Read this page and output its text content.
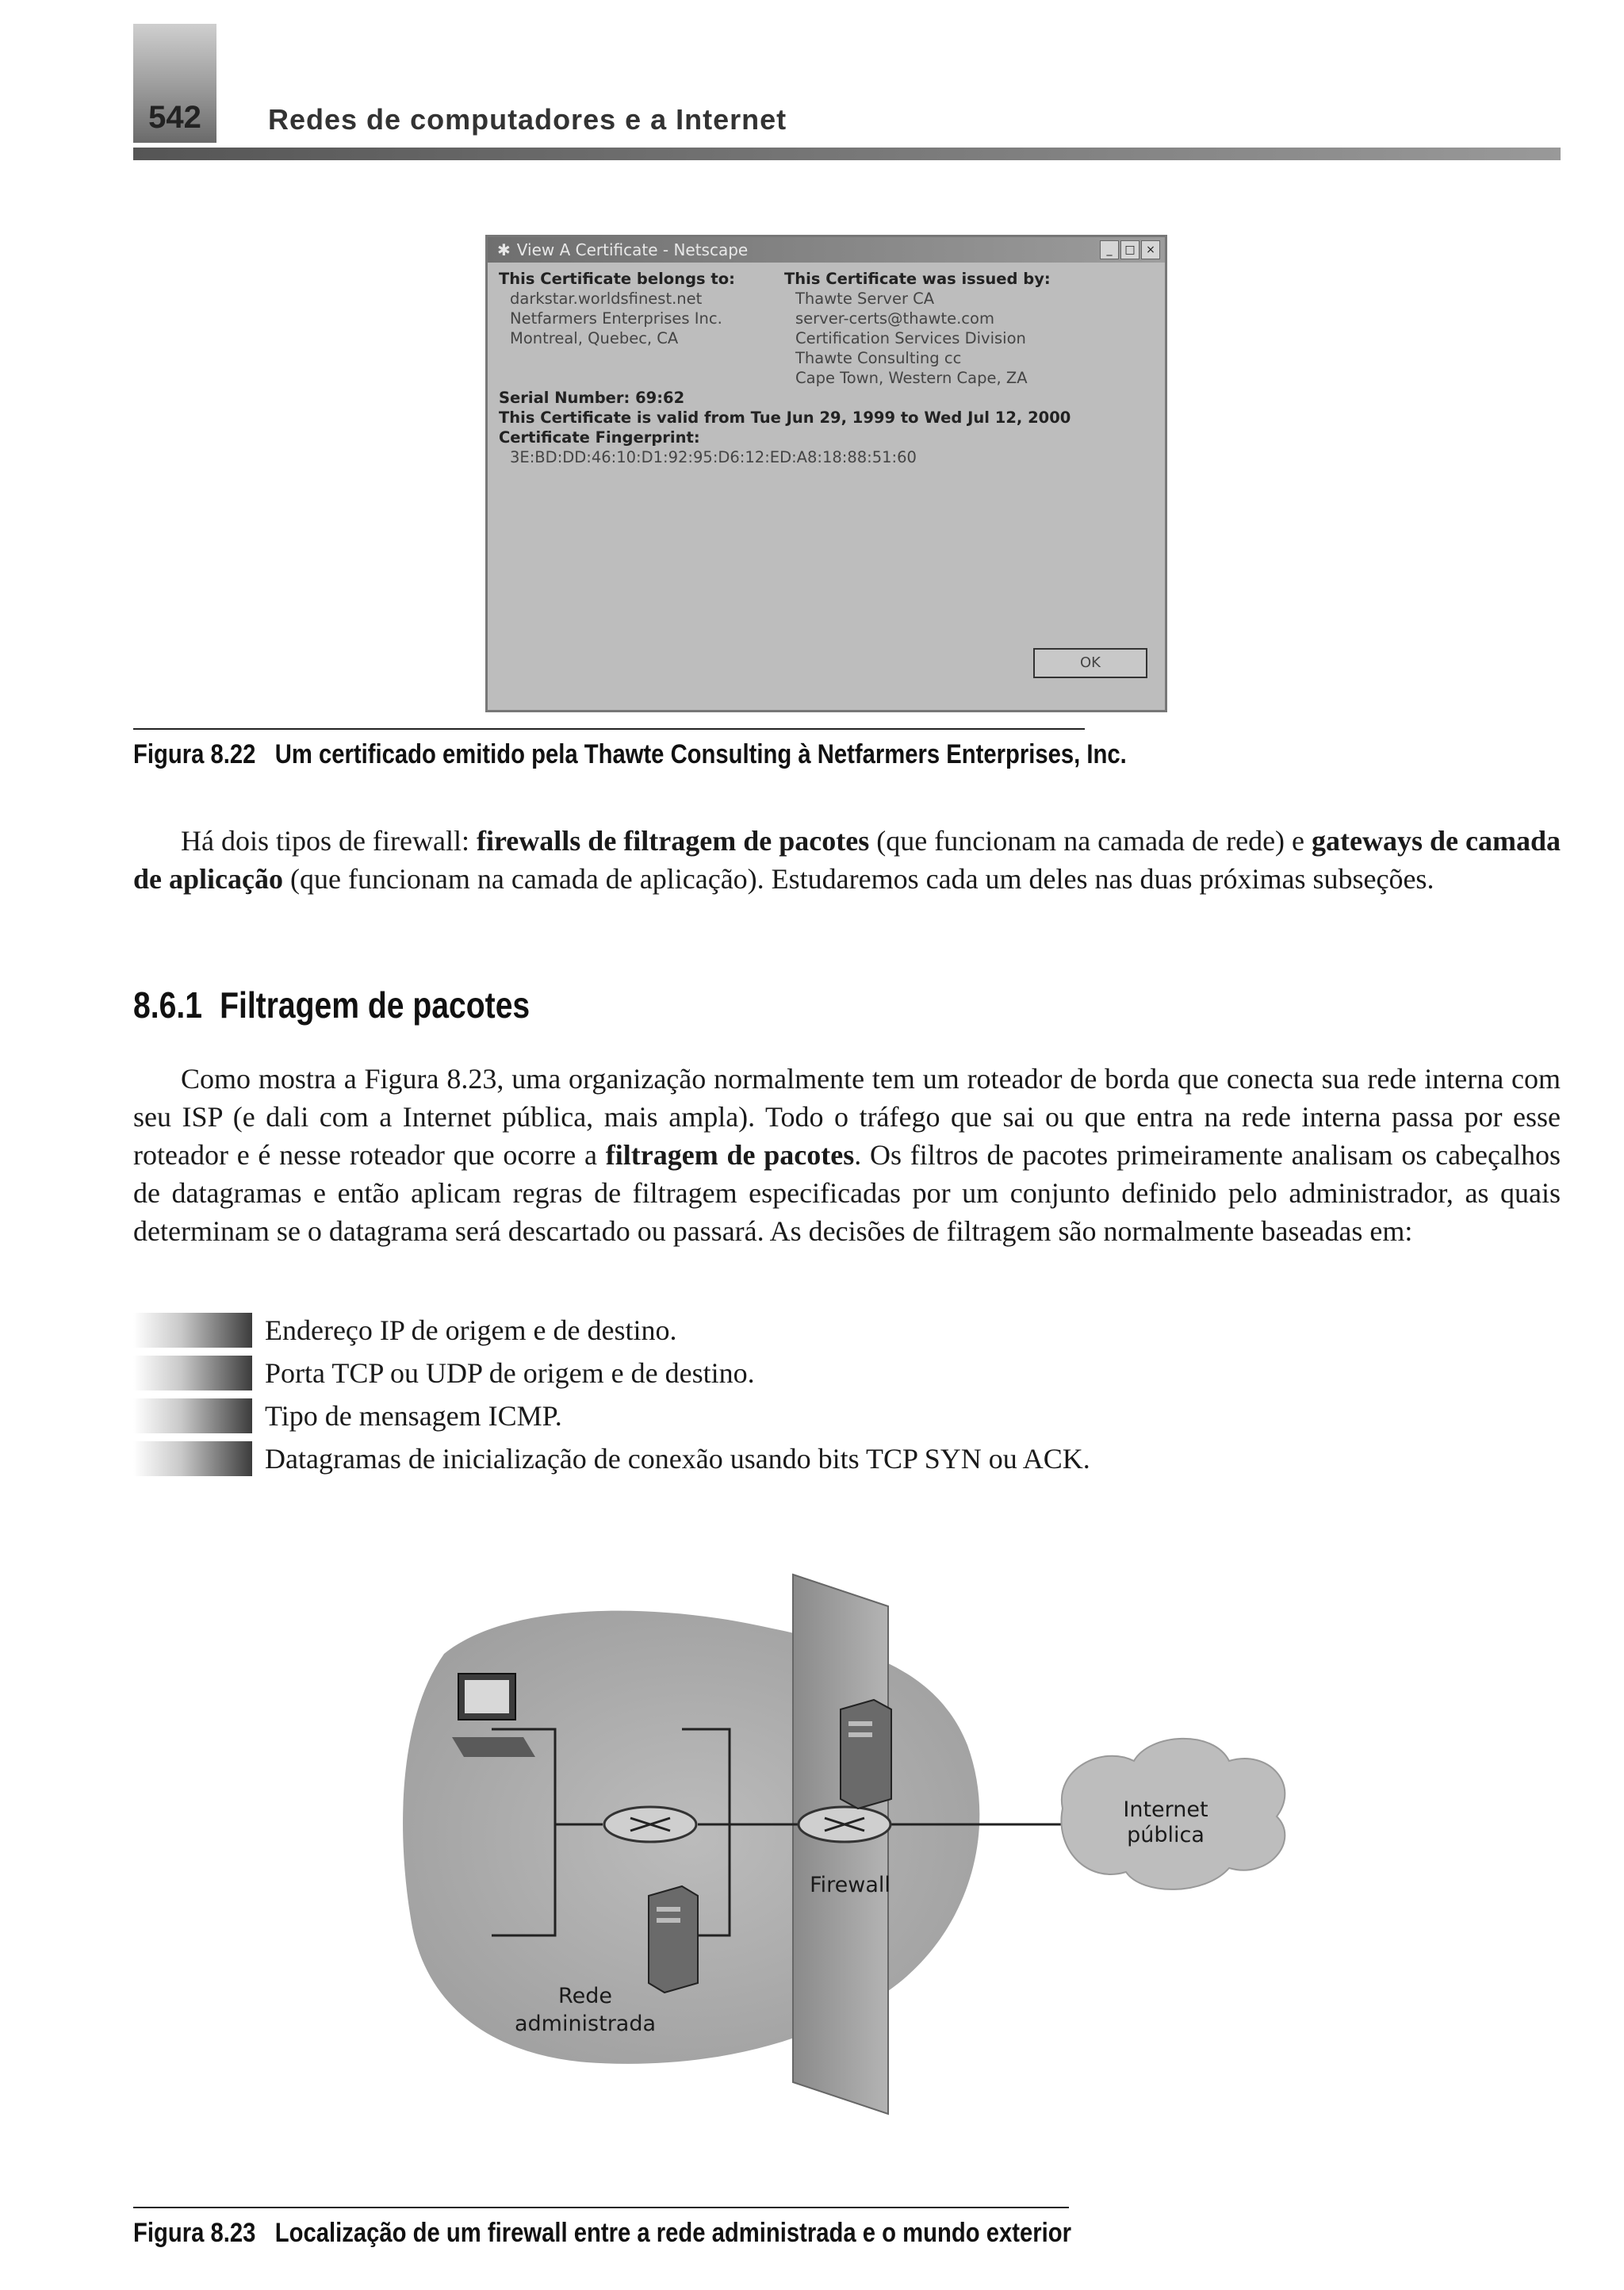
542	Redes de computadores e a Internet
✱ View A Certificate - Netscape	_	□ ×
This Certificate belongs to:
darkstar.worldsfinest.net
Netfarmers Enterprises Inc.
Montreal, Quebec, CA
This Certificate was issued by:
Thawte Server CA
server-certs@thawte.com
Certification Services Division
Thawte Consulting cc
Cape Town, Western Cape, ZA
Serial Number: 69:62
This Certificate is valid from Tue Jun 29, 1999 to Wed Jul 12, 2000
Certificate Fingerprint:
3E:BD:DD:46:10:D1:92:95:D6:12:ED:A8:18:88:51:60
OK
Figura 8.22 Um certificado emitido pela Thawte Consulting à Netfarmers Enterprises, Inc.
Há dois tipos de firewall: firewalls de filtragem de pacotes (que funcionam na camada de rede) e gateways de camada de aplicação (que funcionam na camada de aplicação). Estudaremos cada um deles nas duas próximas subseções.
8.6.1 Filtragem de pacotes
Como mostra a Figura 8.23, uma organização normalmente tem um roteador de borda que conecta sua rede interna com seu ISP (e dali com a Internet pública, mais ampla). Todo o tráfego que sai ou que entra na rede interna passa por esse roteador e é nesse roteador que ocorre a filtragem de pacotes. Os filtros de pacotes primeiramente analisam os cabeçalhos de datagramas e então aplicam regras de filtragem especificadas por um conjunto definido pelo administrador, as quais determinam se o datagrama será descartado ou passará. As decisões de filtragem são normalmente baseadas em:
Endereço IP de origem e de destino.
Porta TCP ou UDP de origem e de destino.
Tipo de mensagem ICMP.
Datagramas de inicialização de conexão usando bits TCP SYN ou ACK.
Internet
pública
Firewall
Rede
administrada
Figura 8.23 Localização de um firewall entre a rede administrada e o mundo exterior
